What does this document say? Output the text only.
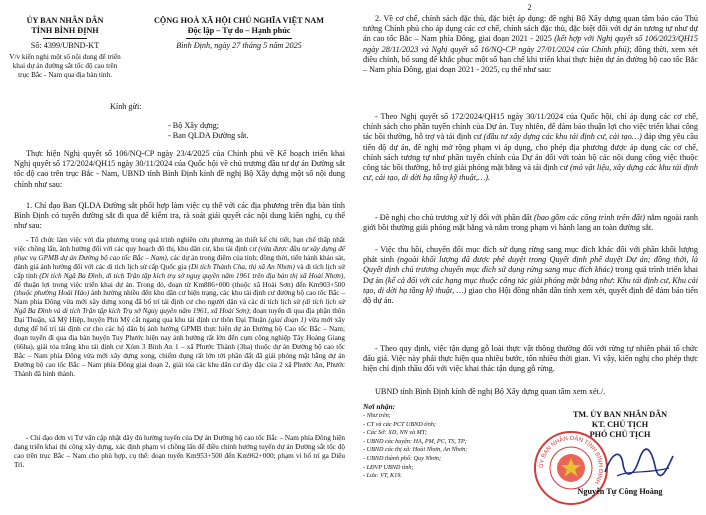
ỦY BAN NHÂN DÂN
TỈNH BÌNH ĐỊNH
Số: 4399/UBND-KT
V/v kiến nghị một số nội dung để triển khai dự án đường sắt tốc độ cao trên trục Bắc - Nam qua địa bàn tỉnh.
CỘNG HOÀ XÃ HỘI CHỦ NGHĨA VIỆT NAM
Độc lập – Tự do – Hạnh phúc
Bình Định, ngày 27 tháng 5 năm 2025
Kính gửi:
- Bộ Xây dựng;
- Ban QLDA Đường sắt.
Thực hiện Nghị quyết số 106/NQ-CP ngày 23/4/2025 của Chính phủ về Kế hoạch triển khai Nghị quyết số 172/2024/QH15 ngày 30/11/2024 của Quốc hội về chủ trương đầu tư dự án Đường sắt tốc độ cao trên trục Bắc - Nam, UBND tỉnh Bình Định kính đề nghị Bộ Xây dựng một số nội dung chính như sau:
1. Chỉ đạo Ban QLDA Đường sắt phối hợp làm việc cụ thể với các địa phương trên địa bàn tỉnh Bình Định có tuyến đường sắt đi qua để kiểm tra, rà soát giải quyết các nội dung kiến nghị, cụ thể như sau:

- Tổ chức làm việc với địa phương trong quá trình nghiên cứu phương án thiết kế chi tiết, hạn chế thấp nhất việc chồng lấn, ảnh hưởng đối với các quy hoạch đô thị, khu dân cư, khu tái định cư (vừa được đầu tư xây dựng để phục vụ GPMB dự án Đường bộ cao tốc Bắc – Nam), các dự án trong điểm của tỉnh; đồng thời, tiến hành khảo sát, đánh giá ảnh hưởng đối với các di tích lịch sử cấp Quốc gia (Di tích Thành Cha, thị xã An Nhơn) và di tích lịch sử cấp tỉnh (Di tích Ngã Ba Đình, di tích Trận tập kích trụ sở nguỵ quyền năm 1961 trên địa bàn thị xã Hoài Nhơn), để thuận lợi trong việc triển khai dự án. Trong đó, đoạn từ Km886+000 (thuộc xã Hoài Sơn) đến Km903+500 (thuộc phường Hoài Hảo) ảnh hưởng nhiều đến khu dân cư hiện trạng, các khu tái định cư đường bộ cao tốc Bắc – Nam phía Đông vừa mới xây dựng xong đã bố trí tái định cư cho người dân và các di tích lịch sử (di tích lịch sử Ngã Ba Đình và di tích Trận tập kích Trụ sở Nguỵ quyền năm 1961, xã Hoài Sơn); đoạn tuyến đi qua địa phận thôn Đại Thuận, xã Mỹ Hiệp, huyện Phù Mỹ cắt ngang qua khu tái định cư thôn Đại Thuận (giai đoạn 1) vừa mới xây dựng để bố trí tái định cư cho các hộ dân bị ảnh hưởng GPMB thực hiện dự án Đường bộ Cao tốc Bắc – Nam; đoạn tuyến đi qua địa bàn huyện Tuy Phước hiện nay ảnh hưởng rất lớn đến cụm công nghiệp Tây Hoàng Giang (66ha), giải tỏa trắng khu tái định cư Xóm 3 Bình An 1 – xã Phước Thành (3ha) thuộc dự án Đường bộ cao tốc Bắc – Nam phía Đông vừa mới xây dựng xong, chiếm dụng rất lớn tới phần đất đã giải phóng mặt bằng dự án Đường bộ cao tốc Bắc – Nam phía Đông giai đoạn 2, giải tỏa các khu dân cư dày đặc của 2 xã Phước An, Phước Thành đã hình thành.

- Chỉ đạo đơn vị Tư vấn cập nhật dây đủ hướng tuyến của Dự án Đường bộ cao tốc Bắc – Nam phía Đông hiện đang triển khai thi công xây dựng, xác định phạm vi chồng lấn để điều chỉnh hướng tuyến dự án Đường sắt tốc độ cao trên trục Bắc – Nam cho phù hợp, cụ thể: đoạn tuyến Km953+500 đến Km962+000; phạm vi bố trí ga Diêu Trì.

2

2. Về cơ chế, chính sách đặc thù, đặc biệt áp dụng: đề nghị Bộ Xây dựng quan tâm báo cáo Thủ tướng Chính phủ cho áp dụng các cơ chế, chính sách đặc thù, đặc biệt đối với dự án tương tự như dự án cao tốc Bắc – Nam phía Đông, giai đoạn 2021 - 2025 (kết hợp với Nghị quyết số 106/2023/QH15 ngày 28/11/2023 và Nghị quyết số 16/NQ-CP ngày 27/01/2024 của Chính phủ); đồng thời, xem xét điều chỉnh, bổ sung để khắc phục một số hạn chế khi triển khai thực hiện dự án đường bộ cao tốc Bắc – Nam phía Đông, giai đoạn 2021 - 2025, cụ thể như sau:

- Theo Nghị quyết số 172/2024/QH15 ngày 30/11/2024 của Quốc hội, chỉ áp dụng các cơ chế, chính sách cho phần tuyến chính của Dự án. Tuy nhiên, để đảm bảo thuận lợi cho việc triển khai công tác bồi thường, hỗ trợ và tái định cư (đầu tư xây dựng các khu tái định cư, cải tạo…) đáp ứng yêu cầu tiến độ dự án, đề nghị mở rộng phạm vi áp dụng, cho phép địa phương được áp dụng các cơ chế, chính sách tương tự như phần tuyến chính của Dự án đối với toàn bộ các nội dung công việc thuộc công tác bồi thường, hỗ trợ giải phóng mặt bằng và tái định cư (mỏ vật liệu, xây dựng các khu tái định cư, cải tạo, di dời hạ tầng kỹ thuật,…).

- Đề nghị cho chủ trương xử lý đối với phần đất (bao gồm các công trình trên đất) nằm ngoài ranh giới bồi thường giải phóng mặt bằng và nằm trong phạm vi hành lang an toàn đường sắt.

- Việc thu hồi, chuyển đổi mục đích sử dụng rừng sang mục đích khác đối với phần khối lượng phát sinh (ngoài khối lượng đã được phê duyệt trong Quyết định phê duyệt Dự án; đồng thời, là Quyết định chủ trương chuyển mục đích sử dụng rừng sang mục đích khác) trong quá trình triển khai Dự án (kể cả đối với các hạng mục thuộc công tác giải phóng mặt bằng như: Khu tái định cư, Khu cải tạo, di dời hạ tầng kỹ thuật, …) giao cho Hội đồng nhân dân tỉnh xem xét, quyết định để đảm bảo tiến độ dự án.

- Theo quy định, việc tận dụng gỗ loài thực vật thông thường đối với rừng tự nhiên phải tổ chức đấu giá. Việc này phải thực hiện qua nhiều bước, tốn nhiều thời gian. Vì vậy, kiến nghị cho phép thực hiện chỉ định thầu đối với việc khai thác tận dụng gỗ rừng.

UBND tỉnh Bình Định kính đề nghị Bộ Xây dựng quan tâm xem xét./.

Nơi nhận:
- Như trên;
- CT và các PCT UBND tỉnh;
- Các Sở: XD, NN và MT;
- UBND các huyện: HA, PM, PC, TS, TP;
- UBND các thị xã: Hoài Nhơn, An Nhơn;
- UBND thành phố: Quy Nhơn;
- LĐVP UBND tỉnh;
- Lưu: VT, K19.
TM. ỦY BAN NHÂN DÂN
KT. CHỦ TỊCH
PHÓ CHỦ TỊCH
ỦY BAN NHÂN DÂN TỈNH BÌNH ĐỊNH
Nguyễn Tự Công Hoàng
